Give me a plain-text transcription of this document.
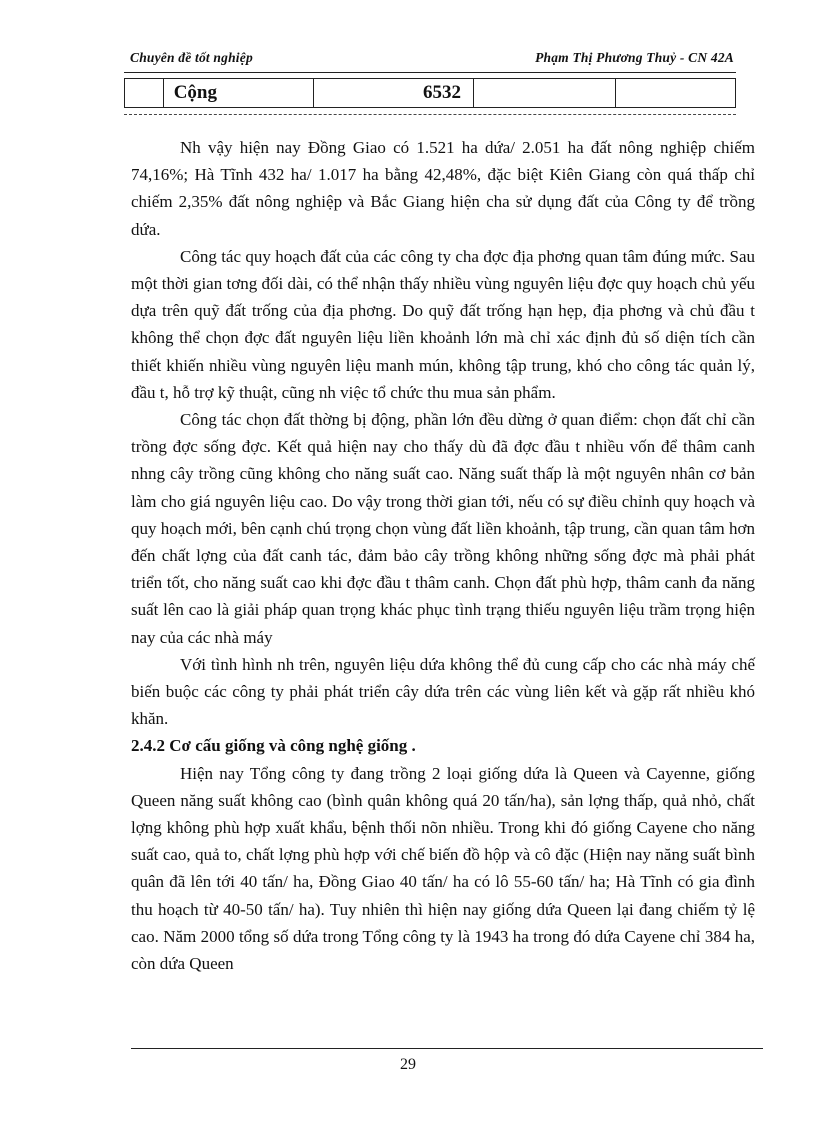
Chuyên đề tốt nghiệp	Phạm Thị Phương Thuỷ - CN 42A
	Cộng	6532		

Nh vậy hiện nay Đồng Giao có 1.521 ha dứa/ 2.051 ha đất nông nghiệp chiếm 74,16%; Hà Tĩnh 432 ha/ 1.017 ha bằng 42,48%, đặc biệt Kiên Giang còn quá thấp chỉ chiếm 2,35% đất nông nghiệp và Bắc Giang hiện cha sử dụng đất của Công ty để trồng dứa.

Công tác quy hoạch đất của các công ty cha đợc địa phơng quan tâm đúng mức. Sau một thời gian tơng đối dài, có thể nhận thấy nhiều vùng nguyên liệu đợc quy hoạch chủ yếu dựa trên quỹ đất trống của địa phơng. Do quỹ đất trống hạn hẹp, địa phơng và chủ đầu t không thể chọn đợc đất nguyên liệu liền khoảnh lớn mà chỉ xác định đủ số diện tích cần thiết khiến nhiều vùng nguyên liệu manh mún, không tập trung, khó cho công tác quản lý, đầu t, hỗ trợ kỹ thuật, cũng nh việc tổ chức thu mua sản phẩm.

Công tác chọn đất thờng bị động, phần lớn đều dừng ở quan điểm: chọn đất chỉ cần trồng đợc sống đợc. Kết quả hiện nay cho thấy dù đã đợc đầu t nhiều vốn để thâm canh nhng cây trồng cũng không cho năng suất cao. Năng suất thấp là một nguyên nhân cơ bản làm cho giá nguyên liệu cao. Do vậy trong thời gian tới, nếu có sự điều chỉnh quy hoạch và quy hoạch mới, bên cạnh chú trọng chọn vùng đất liền khoảnh, tập trung, cần quan tâm hơn đến chất lợng của đất canh tác, đảm bảo cây trồng không những sống đợc mà phải phát triển tốt, cho năng suất cao khi đợc đầu t thâm canh. Chọn đất phù hợp, thâm canh đa năng suất lên cao là giải pháp quan trọng khác phục tình trạng thiếu nguyên liệu trầm trọng hiện nay của các nhà máy

Với tình hình nh trên, nguyên liệu dứa không thể đủ cung cấp cho các nhà máy chế biến buộc các công ty phải phát triển cây dứa trên các vùng liên kết và gặp rất nhiều khó khăn.

2.4.2 Cơ cấu giống và công nghệ giống .

Hiện nay Tổng công ty đang trồng 2 loại giống dứa là Queen và Cayenne, giống Queen năng suất không cao (bình quân không quá 20 tấn/ha), sản lợng thấp, quả nhỏ, chất lợng không phù hợp xuất khẩu, bệnh thối nõn nhiều. Trong khi đó giống Cayene cho năng suất cao, quả to, chất lợng phù hợp với chế biến đồ hộp và cô đặc (Hiện nay năng suất bình quân đã lên tới 40 tấn/ ha, Đồng Giao 40 tấn/ ha có lô 55-60 tấn/ ha; Hà Tĩnh có gia đình thu hoạch từ 40-50 tấn/ ha). Tuy nhiên thì hiện nay giống dứa Queen lại đang chiếm tỷ lệ cao. Năm 2000 tổng số dứa trong Tổng công ty là 1943 ha trong đó dứa Cayene chỉ 384 ha, còn dứa Queen

29
